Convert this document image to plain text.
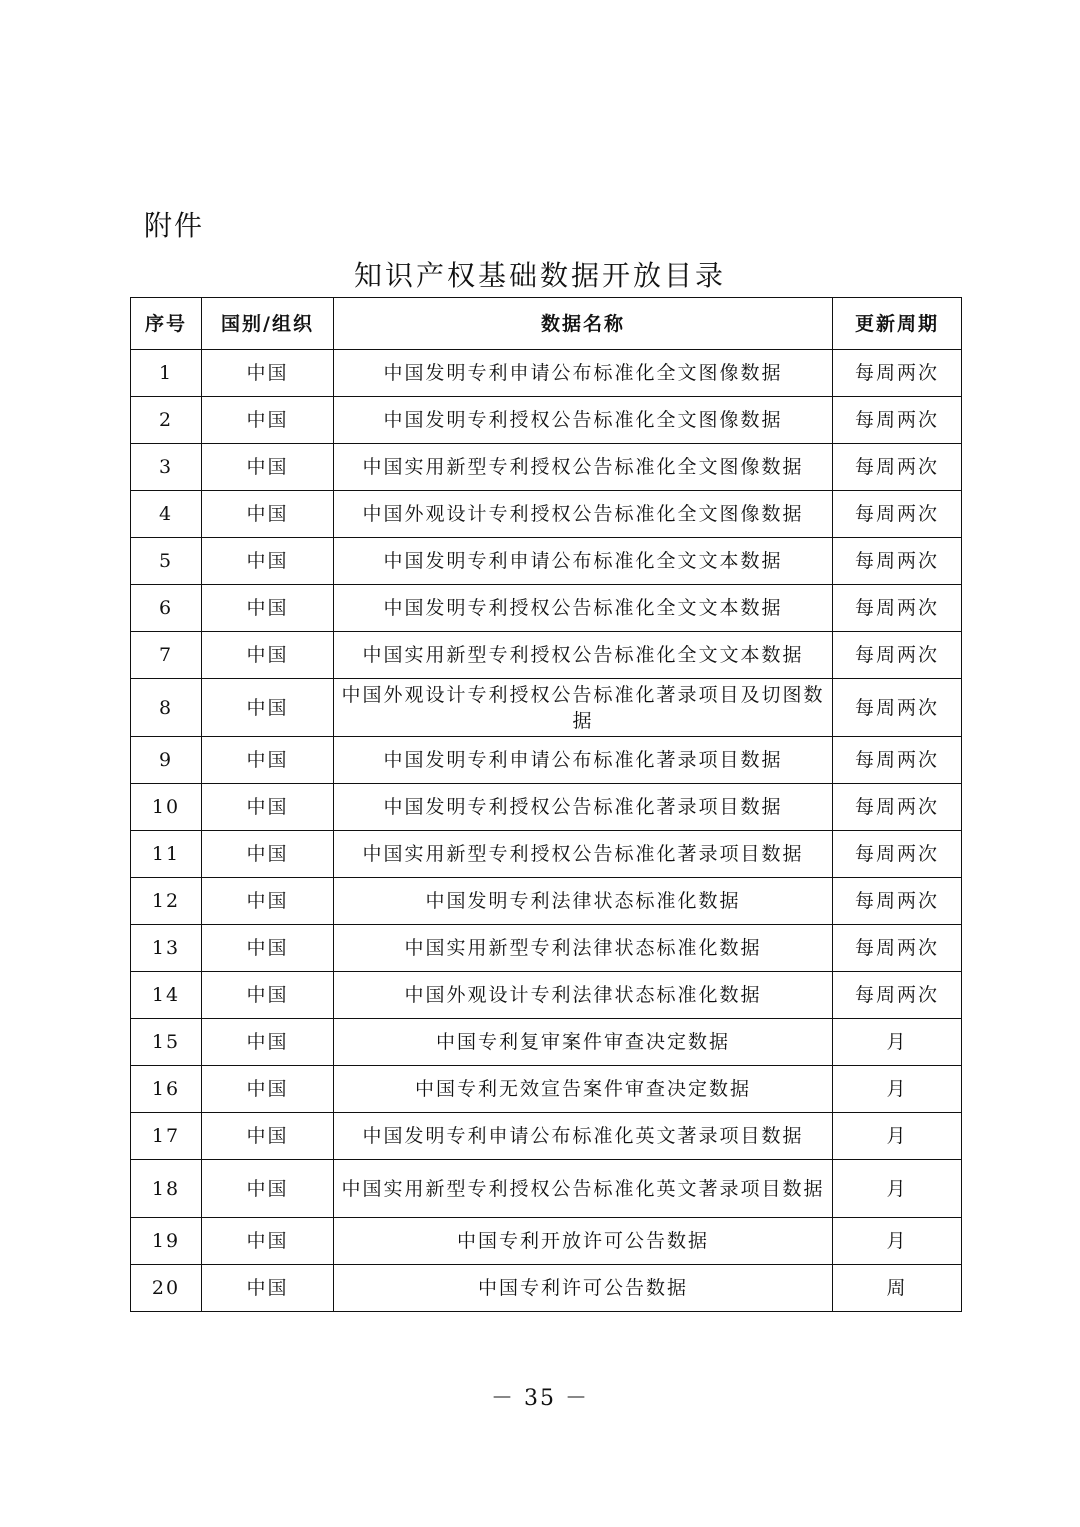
附件
知识产权基础数据开放目录
序号	国别/组织	数据名称	更新周期
1	中国	中国发明专利申请公布标准化全文图像数据	每周两次
2	中国	中国发明专利授权公告标准化全文图像数据	每周两次
3	中国	中国实用新型专利授权公告标准化全文图像数据	每周两次
4	中国	中国外观设计专利授权公告标准化全文图像数据	每周两次
5	中国	中国发明专利申请公布标准化全文文本数据	每周两次
6	中国	中国发明专利授权公告标准化全文文本数据	每周两次
7	中国	中国实用新型专利授权公告标准化全文文本数据	每周两次
8	中国	中国外观设计专利授权公告标准化著录项目及切图数据	每周两次
9	中国	中国发明专利申请公布标准化著录项目数据	每周两次
10	中国	中国发明专利授权公告标准化著录项目数据	每周两次
11	中国	中国实用新型专利授权公告标准化著录项目数据	每周两次
12	中国	中国发明专利法律状态标准化数据	每周两次
13	中国	中国实用新型专利法律状态标准化数据	每周两次
14	中国	中国外观设计专利法律状态标准化数据	每周两次
15	中国	中国专利复审案件审查决定数据	月
16	中国	中国专利无效宣告案件审查决定数据	月
17	中国	中国发明专利申请公布标准化英文著录项目数据	月
18	中国	中国实用新型专利授权公告标准化英文著录项目数据	月
19	中国	中国专利开放许可公告数据	月
20	中国	中国专利许可公告数据	周
－ 35 －
